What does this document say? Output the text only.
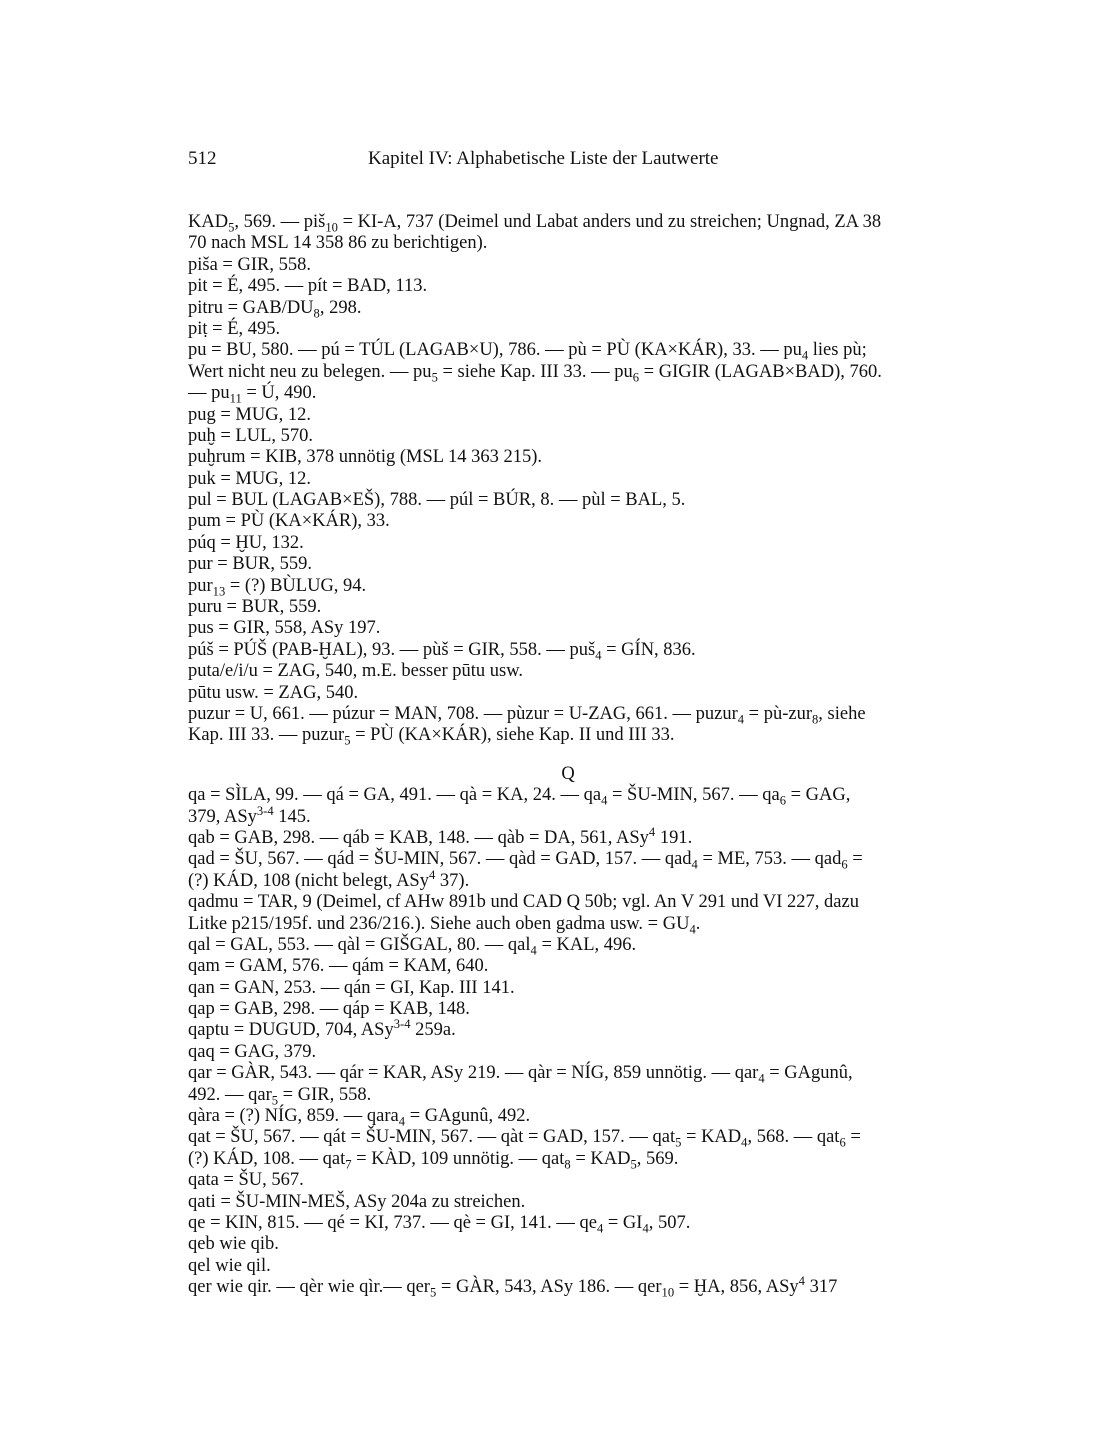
512	Kapitel IV: Alphabetische Liste der Lautwerte
$KAD_5$, 569. — piš$_{10}$ = KI-A, 737 (Deimel und Labat anders und zu streichen; Ungnad, ZA 38
70 nach MSL 14 358 86 zu berichtigen).
piša = GIR, 558.
pit = É, 495. — pít = BAD, 113.
pitru = GAB/$DU_8$, 298.
piṭ = É, 495.
pu = BU, 580. — pú = TÚL (LAGAB×U), 786. — pù = PÙ (KA×KÁR), 33. — $pu_4$ lies pù;
Wert nicht neu zu belegen. — $pu_5$ = siehe Kap. III 33. — $pu_6$ = GIGIR (LAGAB×BAD), 760.
— $pu_{11}$ = Ú, 490.
pug = MUG, 12.
puḫ = LUL, 570.
puḫrum = KIB, 378 unnötig (MSL 14 363 215).
puk = MUG, 12.
pul = BUL (LAGAB×EŠ), 788. — púl = BÚR, 8. — pùl = BAL, 5.
pum = PÙ (KA×KÁR), 33.
púq = ḪU, 132.
pur = BUR, 559.
pur$_{13}$ = (?) BÙLUG, 94.
puru = BUR, 559.
pus = GIR, 558, ASy 197.
púš = PÚŠ (PAB-ḪAL), 93. — pùš = GIR, 558. — puš$_4$ = GÍN, 836.
puta/e/i/u = ZAG, 540, m.E. besser pūtu usw.
pūtu usw. = ZAG, 540.
puzur = U, 661. — púzur = MAN, 708. — pùzur = U-ZAG, 661. — puzur$_4$ = pù-zur$_8$, siehe
Kap. III 33. — puzur$_5$ = PÙ (KA×KÁR), siehe Kap. II und III 33.
Q
qa = SÌLA, 99. — qá = GA, 491. — qà = KA, 24. — $qa_4$ = ŠU-MIN, 567. — $qa_6$ = GAG,
379, ASy$^{3-4}$ 145.
qab = GAB, 298. — qáb = KAB, 148. — qàb = DA, 561, ASy$^4$ 191.
qad = ŠU, 567. — qád = ŠU-MIN, 567. — qàd = GAD, 157. — qad$_4$ = ME, 753. — qad$_6$ =
(?) KÁD, 108 (nicht belegt, ASy$^4$ 37).
qadmu = TAR, 9 (Deimel, cf AHw 891b und CAD Q 50b; vgl. An V 291 und VI 227, dazu
Litke p215/195f. und 236/216.). Siehe auch oben gadma usw. = $GU_4$.
qal = GAL, 553. — qàl = GIŠGAL, 80. — qal$_4$ = KAL, 496.
qam = GAM, 576. — qám = KAM, 640.
qan = GAN, 253. — qán = GI, Kap. III 141.
qap = GAB, 298. — qáp = KAB, 148.
qaptu = DUGUD, 704, ASy$^{3-4}$ 259a.
qaq = GAG, 379.
qar = GÀR, 543. — qár = KAR, ASy 219. — qàr = NÍG, 859 unnötig. — qar$_4$ = GAgunû,
492. — qar$_5$ = GIR, 558.
qàra = (?) NÍG, 859. — qara$_4$ = GAgunû, 492.
qat = ŠU, 567. — qát = ŠU-MIN, 567. — qàt = GAD, 157. — $qat_5 = KAD_4$, 568. — qat$_6$ =
(?) KÁD, 108. — qat$_7$ = KÀD, 109 unnötig. — $qat_8 = KAD_5$, 569.
qata = ŠU, 567.
qati = ŠU-MIN-MEŠ, ASy 204a zu streichen.
qe = KIN, 815. — qé = KI, 737. — qè = GI, 141. — $qe_4 = GI_4$, 507.
qeb wie qib.
qel wie qil.
qer wie qir. — qèr wie qìr.— qer$_5$ = GÀR, 543, ASy 186. — qer$_{10}$ = ḪA, 856, ASy$^4$ 317
